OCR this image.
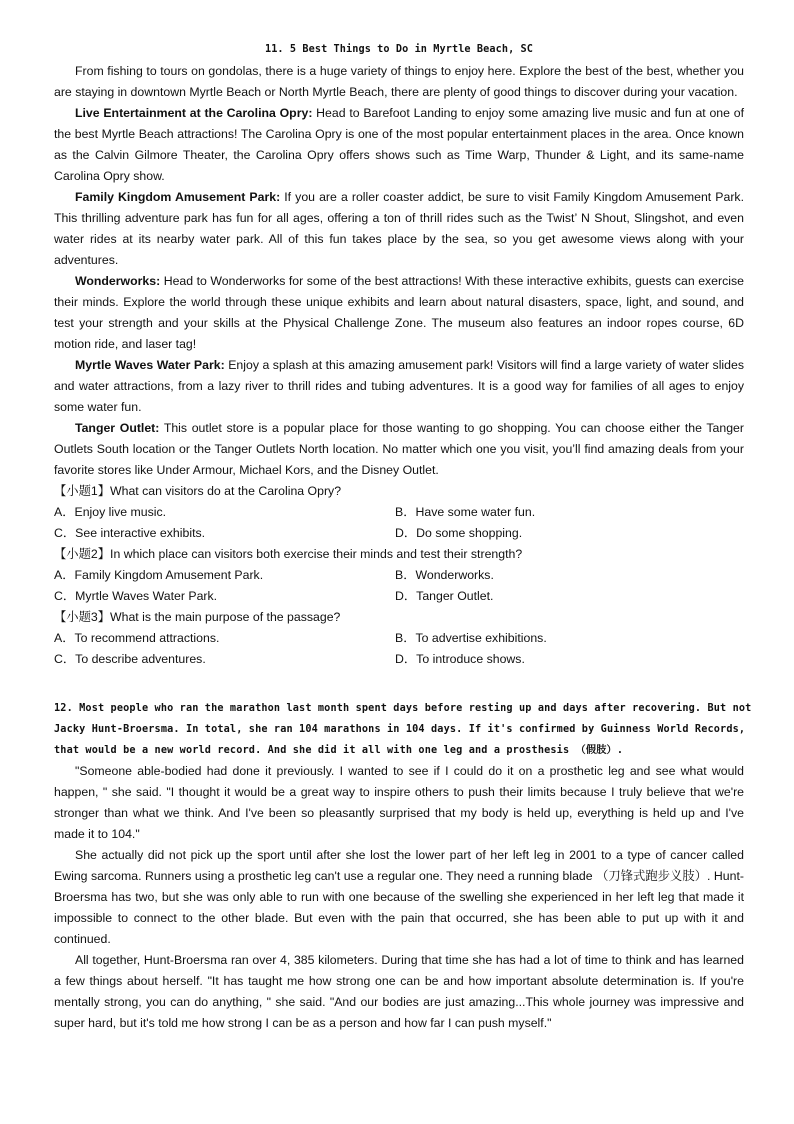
11. 5 Best Things to Do in Myrtle Beach, SC

From fishing to tours on gondolas, there is a huge variety of things to enjoy here. Explore the best of the best, whether you are staying in downtown Myrtle Beach or North Myrtle Beach, there are plenty of good things to discover during your vacation.

Live Entertainment at the Carolina Opry: Head to Barefoot Landing to enjoy some amazing live music and fun at one of the best Myrtle Beach attractions! The Carolina Opry is one of the most popular entertainment places in the area. Once known as the Calvin Gilmore Theater, the Carolina Opry offers shows such as Time Warp, Thunder & Light, and its same-name Carolina Opry show.

Family Kingdom Amusement Park: If you are a roller coaster addict, be sure to visit Family Kingdom Amusement Park. This thrilling adventure park has fun for all ages, offering a ton of thrill rides such as the Twist’ N Shout, Slingshot, and even water rides at its nearby water park. All of this fun takes place by the sea, so you get awesome views along with your adventures.

Wonderworks: Head to Wonderworks for some of the best attractions! With these interactive exhibits, guests can exercise their minds. Explore the world through these unique exhibits and learn about natural disasters, space, light, and sound, and test your strength and your skills at the Physical Challenge Zone. The museum also features an indoor ropes course, 6D motion ride, and laser tag!

Myrtle Waves Water Park: Enjoy a splash at this amazing amusement park! Visitors will find a large variety of water slides and water attractions, from a lazy river to thrill rides and tubing adventures. It is a good way for families of all ages to enjoy some water fun.

Tanger Outlet: This outlet store is a popular place for those wanting to go shopping. You can choose either the Tanger Outlets South location or the Tanger Outlets North location. No matter which one you visit, you’ll find amazing deals from your favorite stores like Under Armour, Michael Kors, and the Disney Outlet.

【小题1】What can visitors do at the Carolina Opry?

A．Enjoy live music.	B．Have some water fun.
C．See interactive exhibits.	D．Do some shopping.

【小题2】In which place can visitors both exercise their minds and test their strength?

A．Family Kingdom Amusement Park.	B．Wonderworks.
C．Myrtle Waves Water Park.	D．Tanger Outlet.

【小题3】What is the main purpose of the passage?

A．To recommend attractions.	B．To advertise exhibitions.
C．To describe adventures.	D．To introduce shows.

12. Most people who ran the marathon last month spent days before resting up and days after recovering. But not

Jacky Hunt-Broersma. In total, she ran 104 marathons in 104 days. If it's confirmed by Guinness World Records,

that would be a new world record. And she did it all with one leg and a prosthesis （假肢）.

"Someone able-bodied had done it previously. I wanted to see if I could do it on a prosthetic leg and see what would happen, " she said. "I thought it would be a great way to inspire others to push their limits because I truly believe that we're stronger than what we think. And I've been so pleasantly surprised that my body is held up, everything is held up and I've made it to 104."

She actually did not pick up the sport until after she lost the lower part of her left leg in 2001 to a type of cancer called Ewing sarcoma. Runners using a prosthetic leg can't use a regular one. They need a running blade （刀锋式跑步义肢）. Hunt-Broersma has two, but she was only able to run with one because of the swelling she experienced in her left leg that made it impossible to connect to the other blade. But even with the pain that occurred, she has been able to put up with it and continued.

All together, Hunt-Broersma ran over 4, 385 kilometers. During that time she has had a lot of time to think and has learned a few things about herself. "It has taught me how strong one can be and how important absolute determination is. If you're mentally strong, you can do anything, " she said. "And our bodies are just amazing...This whole journey was impressive and super hard, but it's told me how strong I can be as a person and how far I can push myself."
